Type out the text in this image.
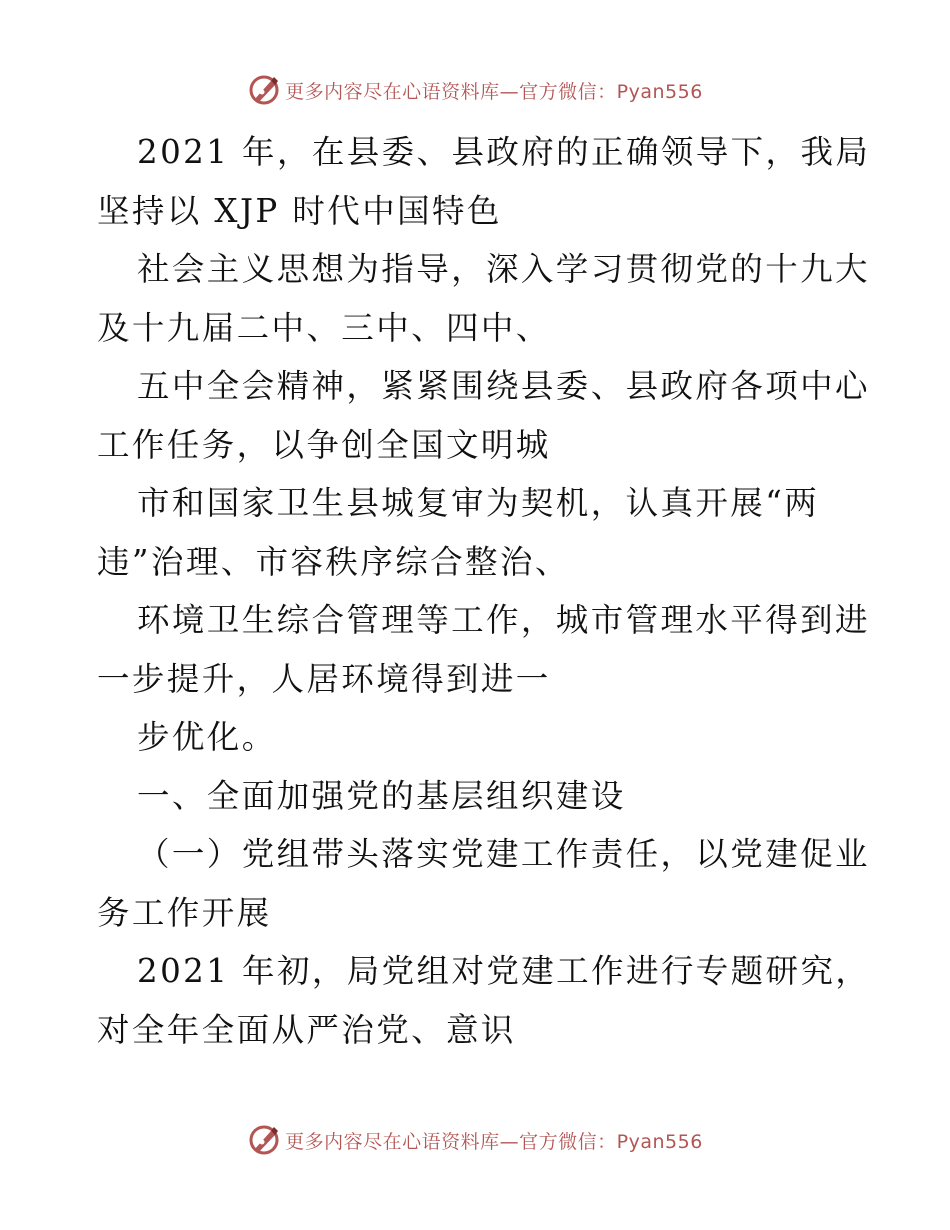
更多内容尽在心语资料库—官方微信：Pyan556
2021 年，在县委、县政府的正确领导下，我局
坚持以 XJP 时代中国特色
社会主义思想为指导，深入学习贯彻党的十九大
及十九届二中、三中、四中、
五中全会精神，紧紧围绕县委、县政府各项中心
工作任务，以争创全国文明城
市和国家卫生县城复审为契机，认真开展“两
违”治理、市容秩序综合整治、
环境卫生综合管理等工作，城市管理水平得到进
一步提升，人居环境得到进一
步优化。
一、全面加强党的基层组织建设
（一）党组带头落实党建工作责任，以党建促业
务工作开展
2021 年初，局党组对党建工作进行专题研究，
对全年全面从严治党、意识
更多内容尽在心语资料库—官方微信：Pyan556
